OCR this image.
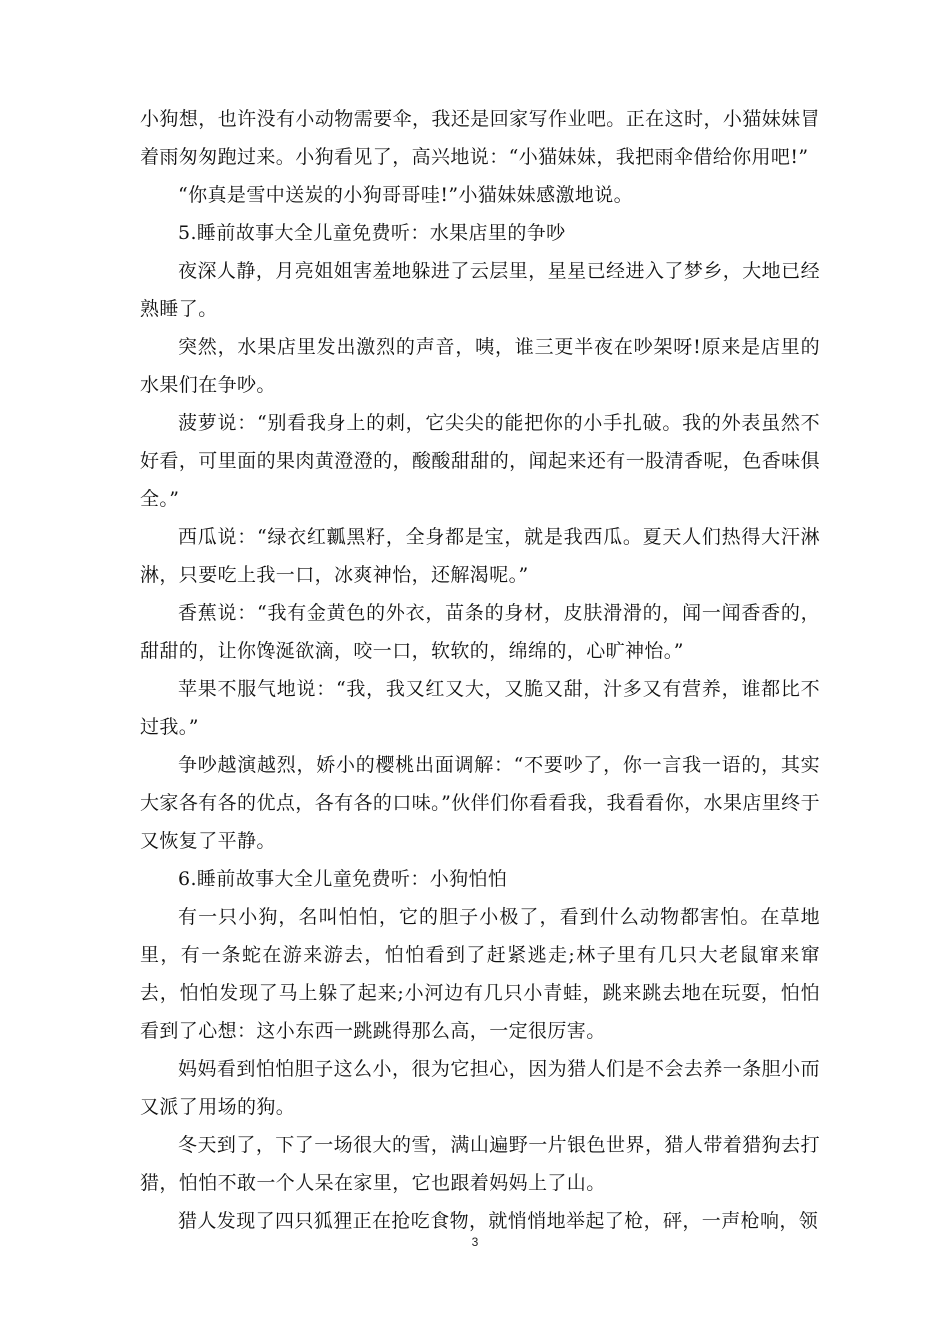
小狗想，也许没有小动物需要伞，我还是回家写作业吧。正在这时，小猫妹妹冒着雨匆匆跑过来。小狗看见了，高兴地说：“小猫妹妹，我把雨伞借给你用吧!”

“你真是雪中送炭的小狗哥哥哇!”小猫妹妹感激地说。

5.睡前故事大全儿童免费听：水果店里的争吵

夜深人静，月亮姐姐害羞地躲进了云层里，星星已经进入了梦乡，大地已经熟睡了。

突然，水果店里发出激烈的声音，咦，谁三更半夜在吵架呀!原来是店里的水果们在争吵。

菠萝说：“别看我身上的刺，它尖尖的能把你的小手扎破。我的外表虽然不好看，可里面的果肉黄澄澄的，酸酸甜甜的，闻起来还有一股清香呢，色香味俱全。”

西瓜说：“绿衣红瓤黑籽，全身都是宝，就是我西瓜。夏天人们热得大汗淋淋，只要吃上我一口，冰爽神怡，还解渴呢。”

香蕉说：“我有金黄色的外衣，苗条的身材，皮肤滑滑的，闻一闻香香的，甜甜的，让你馋涎欲滴，咬一口，软软的，绵绵的，心旷神怡。”

苹果不服气地说：“我，我又红又大，又脆又甜，汁多又有营养，谁都比不过我。”

争吵越演越烈，娇小的樱桃出面调解：“不要吵了，你一言我一语的，其实大家各有各的优点，各有各的口味。”伙伴们你看看我，我看看你，水果店里终于又恢复了平静。

6.睡前故事大全儿童免费听：小狗怕怕

有一只小狗，名叫怕怕，它的胆子小极了，看到什么动物都害怕。在草地里，有一条蛇在游来游去，怕怕看到了赶紧逃走;林子里有几只大老鼠窜来窜去，怕怕发现了马上躲了起来;小河边有几只小青蛙，跳来跳去地在玩耍，怕怕看到了心想：这小东西一跳跳得那么高，一定很厉害。

妈妈看到怕怕胆子这么小，很为它担心，因为猎人们是不会去养一条胆小而又派了用场的狗。

冬天到了，下了一场很大的雪，满山遍野一片银色世界，猎人带着猎狗去打猎，怕怕不敢一个人呆在家里，它也跟着妈妈上了山。

猎人发现了四只狐狸正在抢吃食物，就悄悄地举起了枪，砰，一声枪响，领

3
